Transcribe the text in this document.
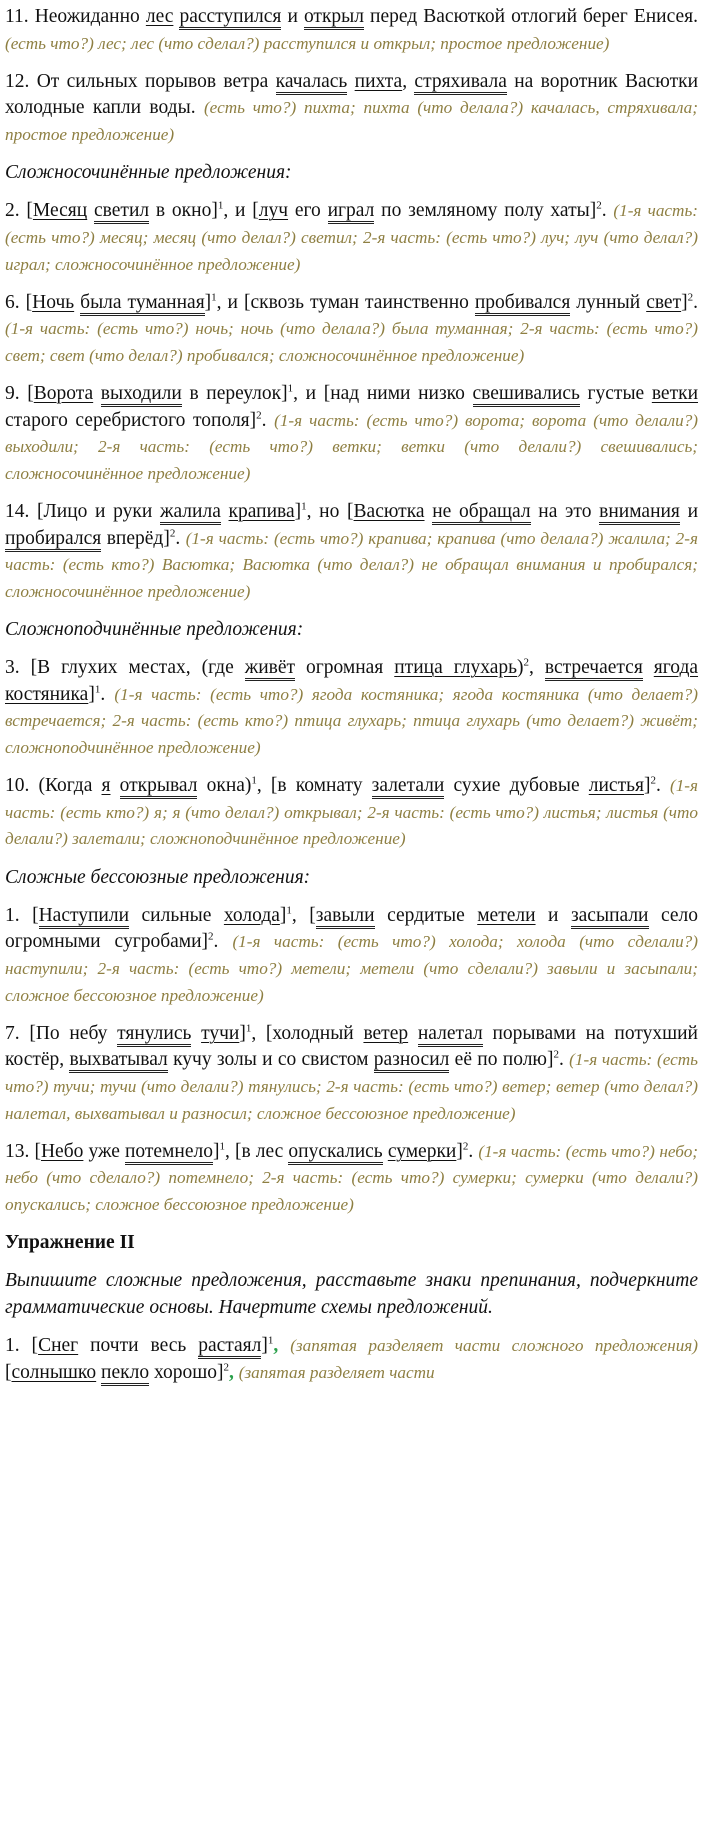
11. Неожиданно лес расступился и открыл перед Васюткой отлогий берег Енисея. (есть что?) лес; лес (что сделал?) расступился и открыл; простое предложение)

12. От сильных порывов ветра качалась пихта, стряхивала на воротник Васютки холодные капли воды. (есть что?) пихта; пихта (что делала?) качалась, стряхивала; простое предложение)

Сложносочинённые предложения:

2. [Месяц светил в окно]$^1$, и [луч его играл по земляному полу хаты]$^2$. (1-я часть: (есть что?) месяц; месяц (что делал?) светил; 2-я часть: (есть что?) луч; луч (что делал?) играл; сложносочинённое предложение)

6. [Ночь была туманная]$^1$, и [сквозь туман таинственно пробивался лунный свет]$^2$. (1-я часть: (есть что?) ночь; ночь (что делала?) была туманная; 2-я часть: (есть что?) свет; свет (что делал?) пробивался; сложносочинённое предложение)

9. [Ворота выходили в переулок]$^1$, и [над ними низко свешивались густые ветки старого серебристого тополя]$^2$. (1-я часть: (есть что?) ворота; ворота (что делали?) выходили; 2-я часть: (есть что?) ветки; ветки (что делали?) свешивались; сложносочинённое предложение)

14. [Лицо и руки жалила крапива]$^1$, но [Васютка не обращал на это внимания и пробирался вперёд]$^2$. (1-я часть: (есть что?) крапива; крапива (что делала?) жалила; 2-я часть: (есть кто?) Васютка; Васютка (что делал?) не обращал внимания и пробирался; сложносочинённое предложение)

Сложноподчинённые предложения:

3. [В глухих местах, (где живёт огромная птица глухарь)$^2$, встречается ягода костяника]$^1$. (1-я часть: (есть что?) ягода костяника; ягода костяника (что делает?) встречается; 2-я часть: (есть кто?) птица глухарь; птица глухарь (что делает?) живёт; сложноподчинённое предложение)

10. (Когда я открывал окна)$^1$, [в комнату залетали сухие дубовые листья]$^2$. (1-я часть: (есть кто?) я; я (что делал?) открывал; 2-я часть: (есть что?) листья; листья (что делали?) залетали; сложноподчинённое предложение)

Сложные бессоюзные предложения:

1. [Наступили сильные холода]$^1$, [завыли сердитые метели и засыпали село огромными сугробами]$^2$. (1-я часть: (есть что?) холода; холода (что сделали?) наступили; 2-я часть: (есть что?) метели; метели (что сделали?) завыли и засыпали; сложное бессоюзное предложение)

7. [По небу тянулись тучи]$^1$, [холодный ветер налетал порывами на потухший костёр, выхватывал кучу золы и со свистом разносил её по полю]$^2$. (1-я часть: (есть что?) тучи; тучи (что делали?) тянулись; 2-я часть: (есть что?) ветер; ветер (что делал?) налетал, выхватывал и разносил; сложное бессоюзное предложение)

13. [Небо уже потемнело]$^1$, [в лес опускались сумерки]$^2$. (1-я часть: (есть что?) небо; небо (что сделало?) потемнело; 2-я часть: (есть что?) сумерки; сумерки (что делали?) опускались; сложное бессоюзное предложение)

Упражнение II

Выпишите сложные предложения, расставьте знаки препинания, подчеркните грамматические основы. Начертите схемы предложений.

1. [Снег почти весь растаял]$^1$, (запятая разделяет части сложного предложения) [солнышко пекло хорошо]$^2$, (запятая разделяет части
